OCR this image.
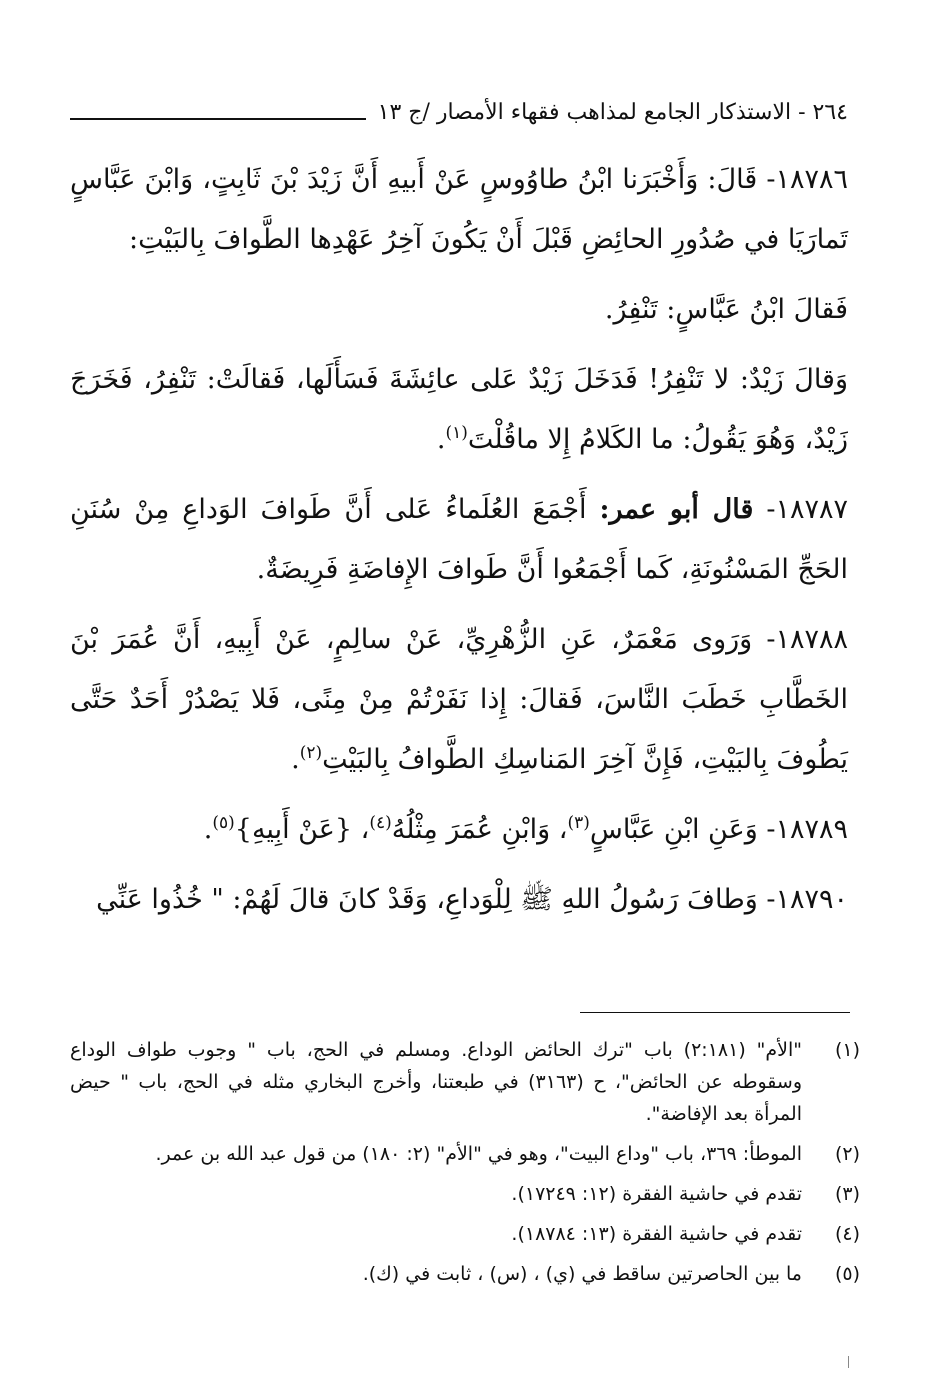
٢٦٤ - الاستذكار الجامع لمذاهب فقهاء الأمصار /ج ١٣

١٨٧٨٦- قَالَ: وَأَخْبَرَنا ابْنُ طاوُوسٍ عَنْ أَبيهِ أَنَّ زَيْدَ بْنَ ثَابِتٍ، وَابْنَ عَبَّاسٍ تَمارَيَا في صُدُورِ الحائِضِ قَبْلَ أَنْ يَكُونَ آخِرُ عَهْدِها الطَّوافَ بِالبَيْتِ:

فَقالَ ابْنُ عَبَّاسٍ: تَنْفِرُ.

وَقالَ زَيْدٌ: لا تَنْفِرُ! فَدَخَلَ زَيْدٌ عَلى عائِشَةَ فَسَأَلَها، فَقالَتْ: تَنْفِرُ، فَخَرَجَ زَيْدٌ، وَهُوَ يَقُولُ: ما الكَلامُ إِلا ماقُلْتَ$^{(١)}$.

١٨٧٨٧- قال أبو عمر: أَجْمَعَ العُلَماءُ عَلى أَنَّ طَوافَ الوَداعِ مِنْ سُنَنِ الحَجِّ المَسْنُونَةِ، كَما أَجْمَعُوا أَنَّ طَوافَ الإِفاضَةِ فَرِيضَةٌ.

١٨٧٨٨- وَرَوى مَعْمَرٌ، عَنِ الزُّهْرِيِّ، عَنْ سالِمٍ، عَنْ أَبِيهِ، أَنَّ عُمَرَ بْنَ الخَطَّابِ خَطَبَ النَّاسَ، فَقالَ: إِذا نَفَرْتُمْ مِنْ مِنًى، فَلا يَصْدُرْ أَحَدٌ حَتَّى يَطُوفَ بِالبَيْتِ، فَإِنَّ آخِرَ المَناسِكِ الطَّوافُ بِالبَيْتِ$^{(٢)}$.

١٨٧٨٩- وَعَنِ ابْنِ عَبَّاسٍ$^{(٣)}$، وَابْنِ عُمَرَ مِثْلُهُ$^{(٤)}$، {عَنْ أَبِيهِ}$^{(٥)}$.

١٨٧٩٠- وَطافَ رَسُولُ اللهِ ﷺ لِلْوَداعِ، وَقَدْ كانَ قالَ لَهُمْ: " خُذُوا عَنِّي

(١)
"الأم" (٢:١٨١) باب "ترك الحائض الوداع. ومسلم في الحج، باب " وجوب طواف الوداع وسقوطه عن الحائض"، ح (٣١٦٣) في طبعتنا، وأخرج البخاري مثله في الحج، باب " حيض المرأة بعد الإفاضة".
(٢)
الموطأ: ٣٦٩، باب "وداع البيت"، وهو في "الأم" (٢: ١٨٠) من قول عبد الله بن عمر.
(٣)
تقدم في حاشية الفقرة (١٢: ١٧٢٤٩).
(٤)
تقدم في حاشية الفقرة (١٣: ١٨٧٨٤).
(٥)
ما بين الحاصرتين ساقط في (ي) ، (س) ، ثابت في (ك).
